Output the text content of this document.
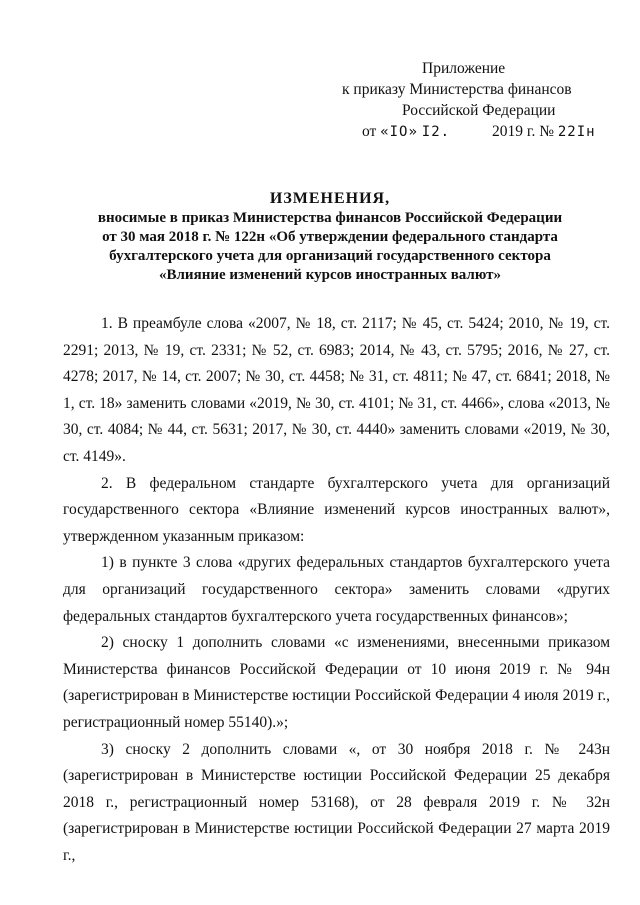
Приложение
к приказу Министерства финансов
Российской Федерации
от «IО» I2.	2019 г. № 22Iн
ИЗМЕНЕНИЯ,
вносимые в приказ Министерства финансов Российской Федерации
от 30 мая 2018 г. № 122н «Об утверждении федерального стандарта
бухгалтерского учета для организаций государственного сектора
«Влияние изменений курсов иностранных валют»

1. В преамбуле слова «2007, № 18, ст. 2117; № 45, ст. 5424; 2010, № 19, ст. 2291; 2013, № 19, ст. 2331; № 52, ст. 6983; 2014, № 43, ст. 5795; 2016, № 27, ст. 4278; 2017, № 14, ст. 2007; № 30, ст. 4458; № 31, ст. 4811; № 47, ст. 6841; 2018, № 1, ст. 18» заменить словами «2019, № 30, ст. 4101; № 31, ст. 4466», слова «2013, № 30, ст. 4084; № 44, ст. 5631; 2017, № 30, ст. 4440» заменить словами «2019, № 30, ст. 4149».

2. В федеральном стандарте бухгалтерского учета для организаций государственного сектора «Влияние изменений курсов иностранных валют», утвержденном указанным приказом:

1) в пункте 3 слова «других федеральных стандартов бухгалтерского учета для организаций государственного сектора» заменить словами «других федеральных стандартов бухгалтерского учета государственных финансов»;

2) сноску 1 дополнить словами «с изменениями, внесенными приказом Министерства финансов Российской Федерации от 10 июня 2019 г. № 94н (зарегистрирован в Министерстве юстиции Российской Федерации 4 июля 2019 г., регистрационный номер 55140).»;

3) сноску 2 дополнить словами «, от 30 ноября 2018 г. № 243н (зарегистрирован в Министерстве юстиции Российской Федерации 25 декабря 2018 г., регистрационный номер 53168), от 28 февраля 2019 г. № 32н (зарегистрирован в Министерстве юстиции Российской Федерации 27 марта 2019 г.,
